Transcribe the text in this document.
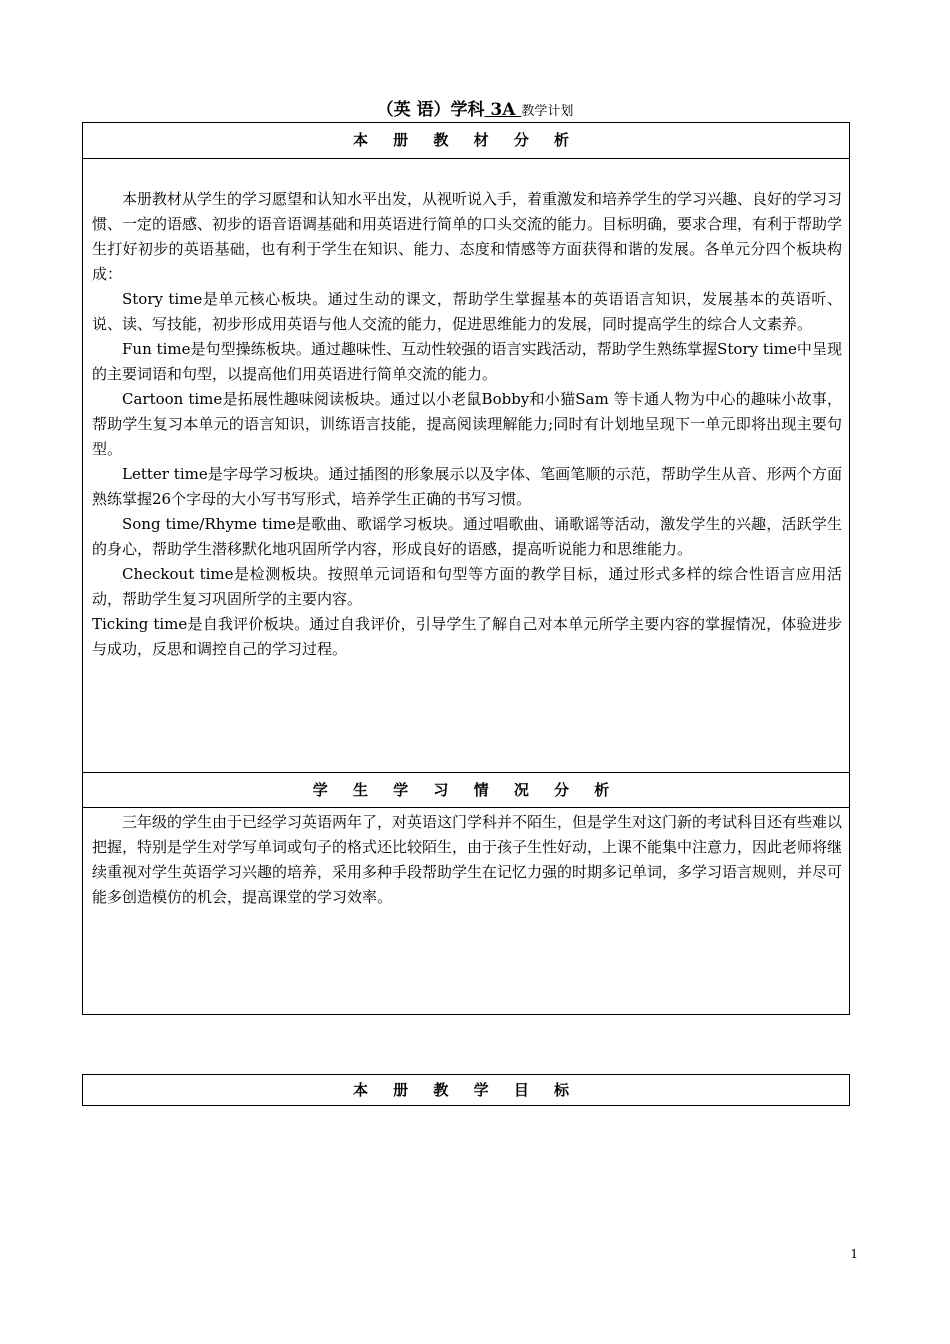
（英 语）学科 3A 教学计划
本 册 教 材 分 析

本册教材从学生的学习愿望和认知水平出发，从视听说入手，着重激发和培养学生的学习兴趣、良好的学习习惯、一定的语感、初步的语音语调基础和用英语进行简单的口头交流的能力。目标明确，要求合理，有利于帮助学生打好初步的英语基础，也有利于学生在知识、能力、态度和情感等方面获得和谐的发展。各单元分四个板块构成：

Story time是单元核心板块。通过生动的课文，帮助学生掌握基本的英语语言知识，发展基本的英语听、说、读、写技能，初步形成用英语与他人交流的能力，促进思维能力的发展，同时提高学生的综合人文素养。

Fun time是句型操练板块。通过趣味性、互动性较强的语言实践活动，帮助学生熟练掌握Story time中呈现的主要词语和句型，以提高他们用英语进行简单交流的能力。

Cartoon time是拓展性趣味阅读板块。通过以小老鼠Bobby和小猫Sam 等卡通人物为中心的趣味小故事，帮助学生复习本单元的语言知识，训练语言技能，提高阅读理解能力;同时有计划地呈现下一单元即将出现主要句型。

Letter time是字母学习板块。通过插图的形象展示以及字体、笔画笔顺的示范，帮助学生从音、形两个方面熟练掌握26个字母的大小写书写形式，培养学生正确的书写习惯。

Song time/Rhyme time是歌曲、歌谣学习板块。通过唱歌曲、诵歌谣等活动，激发学生的兴趣，活跃学生的身心，帮助学生潜移默化地巩固所学内容，形成良好的语感，提高听说能力和思维能力。

Checkout time是检测板块。按照单元词语和句型等方面的教学目标，通过形式多样的综合性语言应用活动，帮助学生复习巩固所学的主要内容。

Ticking time是自我评价板块。通过自我评价，引导学生了解自己对本单元所学主要内容的掌握情况，体验进步与成功，反思和调控自己的学习过程。

学 生 学 习 情 况 分 析

三年级的学生由于已经学习英语两年了，对英语这门学科并不陌生，但是学生对这门新的考试科目还有些难以把握，特别是学生对学写单词或句子的格式还比较陌生，由于孩子生性好动，上课不能集中注意力，因此老师将继续重视对学生英语学习兴趣的培养，采用多种手段帮助学生在记忆力强的时期多记单词，多学习语言规则，并尽可能多创造模仿的机会，提高课堂的学习效率。

本 册 教 学 目 标
1
